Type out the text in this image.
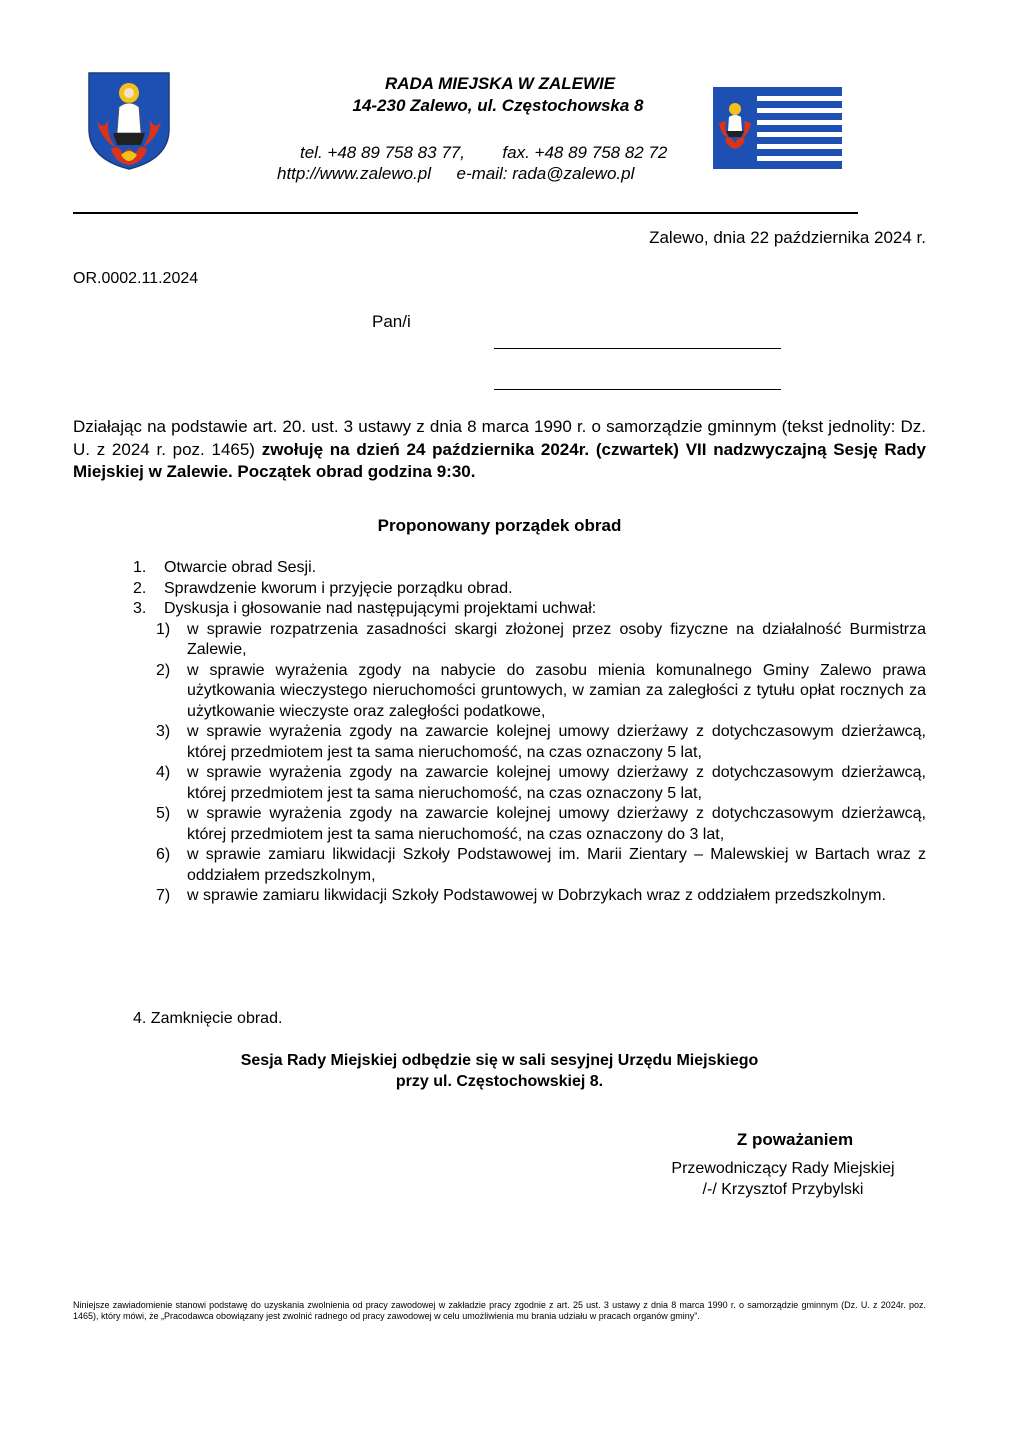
RADA MIEJSKA W ZALEWIE
14-230 Zalewo, ul. Częstochowska 8
tel. +48 89 758 83 77, fax. +48 89 758 82 72
http://www.zalewo.pl e-mail: rada@zalewo.pl
Zalewo, dnia 22 października 2024 r.
OR.0002.11.2024
Pan/i
Działając na podstawie art. 20. ust. 3 ustawy z dnia 8 marca 1990 r. o samorządzie gminnym (tekst jednolity: Dz. U. z 2024 r. poz. 1465) zwołuję na dzień 24 października 2024r. (czwartek) VII nadzwyczajną Sesję Rady Miejskiej w Zalewie. Początek obrad godzina 9:30.
Proponowany porządek obrad
1. Otwarcie obrad Sesji.
2. Sprawdzenie kworum i przyjęcie porządku obrad.
3. Dyskusja i głosowanie nad następującymi projektami uchwał:
1) w sprawie rozpatrzenia zasadności skargi złożonej przez osoby fizyczne na działalność Burmistrza Zalewie,
2) w sprawie wyrażenia zgody na nabycie do zasobu mienia komunalnego Gminy Zalewo prawa użytkowania wieczystego nieruchomości gruntowych, w zamian za zaległości z tytułu opłat rocznych za użytkowanie wieczyste oraz zaległości podatkowe,
3) w sprawie wyrażenia zgody na zawarcie kolejnej umowy dzierżawy z dotychczasowym dzierżawcą, której przedmiotem jest ta sama nieruchomość, na czas oznaczony 5 lat,
4) w sprawie wyrażenia zgody na zawarcie kolejnej umowy dzierżawy z dotychczasowym dzierżawcą, której przedmiotem jest ta sama nieruchomość, na czas oznaczony 5 lat,
5) w sprawie wyrażenia zgody na zawarcie kolejnej umowy dzierżawy z dotychczasowym dzierżawcą, której przedmiotem jest ta sama nieruchomość, na czas oznaczony do 3 lat,
6) w sprawie zamiaru likwidacji Szkoły Podstawowej im. Marii Zientary – Malewskiej w Bartach wraz z oddziałem przedszkolnym,
7) w sprawie zamiaru likwidacji Szkoły Podstawowej w Dobrzykach wraz z oddziałem przedszkolnym.
4. Zamknięcie obrad.
Sesja Rady Miejskiej odbędzie się w sali sesyjnej Urzędu Miejskiego
przy ul. Częstochowskiej 8.
Z poważaniem
Przewodniczący Rady Miejskiej
/-/ Krzysztof Przybylski
Niniejsze zawiadomienie stanowi podstawę do uzyskania zwolnienia od pracy zawodowej w zakładzie pracy zgodnie z art. 25 ust. 3 ustawy z dnia 8 marca 1990 r. o samorządzie gminnym (Dz. U. z 2024r. poz. 1465), który mówi, że „Pracodawca obowiązany jest zwolnić radnego od pracy zawodowej w celu umożliwienia mu brania udziału w pracach organów gminy”.
